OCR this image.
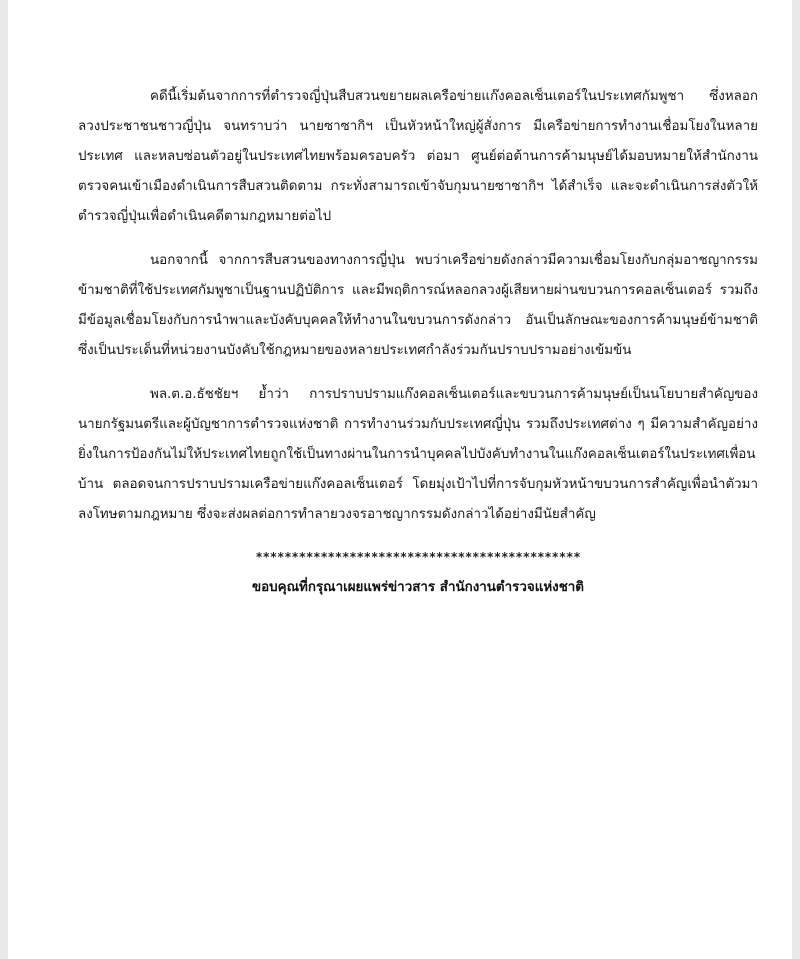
คดีนี้เริ่มต้นจากการที่ตำรวจญี่ปุ่นสืบสวนขยายผลเครือข่ายแก๊งคอลเซ็นเตอร์ในประเทศกัมพูชา ซึ่งหลอกลวงประชาชนชาวญี่ปุ่น จนทราบว่า นายซาซากิฯ เป็นหัวหน้าใหญ่ผู้สั่งการ มีเครือข่ายการทำงานเชื่อมโยงในหลายประเทศ และหลบซ่อนตัวอยู่ในประเทศไทยพร้อมครอบครัว ต่อมา ศูนย์ต่อต้านการค้ามนุษย์ได้มอบหมายให้สำนักงานตรวจคนเข้าเมืองดำเนินการสืบสวนติดตาม กระทั่งสามารถเข้าจับกุมนายซาซากิฯ ได้สำเร็จ และจะดำเนินการส่งตัวให้ตำรวจญี่ปุ่นเพื่อดำเนินคดีตามกฎหมายต่อไป

นอกจากนี้ จากการสืบสวนของทางการญี่ปุ่น พบว่าเครือข่ายดังกล่าวมีความเชื่อมโยงกับกลุ่มอาชญากรรมข้ามชาติที่ใช้ประเทศกัมพูชาเป็นฐานปฏิบัติการ และมีพฤติการณ์หลอกลวงผู้เสียหายผ่านขบวนการคอลเซ็นเตอร์ รวมถึงมีข้อมูลเชื่อมโยงกับการนำพาและบังคับบุคคลให้ทำงานในขบวนการดังกล่าว อันเป็นลักษณะของการค้ามนุษย์ข้ามชาติ ซึ่งเป็นประเด็นที่หน่วยงานบังคับใช้กฎหมายของหลายประเทศกำลังร่วมกันปราบปรามอย่างเข้มข้น

พล.ต.อ.ธัชชัยฯ ย้ำว่า การปราบปรามแก๊งคอลเซ็นเตอร์และขบวนการค้ามนุษย์เป็นนโยบายสำคัญของนายกรัฐมนตรีและผู้บัญชาการตำรวจแห่งชาติ การทำงานร่วมกับประเทศญี่ปุ่น รวมถึงประเทศต่าง ๆ มีความสำคัญอย่างยิ่งในการป้องกันไม่ให้ประเทศไทยถูกใช้เป็นทางผ่านในการนำบุคคลไปบังคับทำงานในแก๊งคอลเซ็นเตอร์ในประเทศเพื่อนบ้าน ตลอดจนการปราบปรามเครือข่ายแก๊งคอลเซ็นเตอร์ โดยมุ่งเป้าไปที่การจับกุมหัวหน้าขบวนการสำคัญเพื่อนำตัวมาลงโทษตามกฎหมาย ซึ่งจะส่งผลต่อการทำลายวงจรอาชญากรรมดังกล่าวได้อย่างมีนัยสำคัญ

*********************************************
ขอบคุณที่กรุณาเผยแพร่ข่าวสาร สำนักงานตำรวจแห่งชาติ
